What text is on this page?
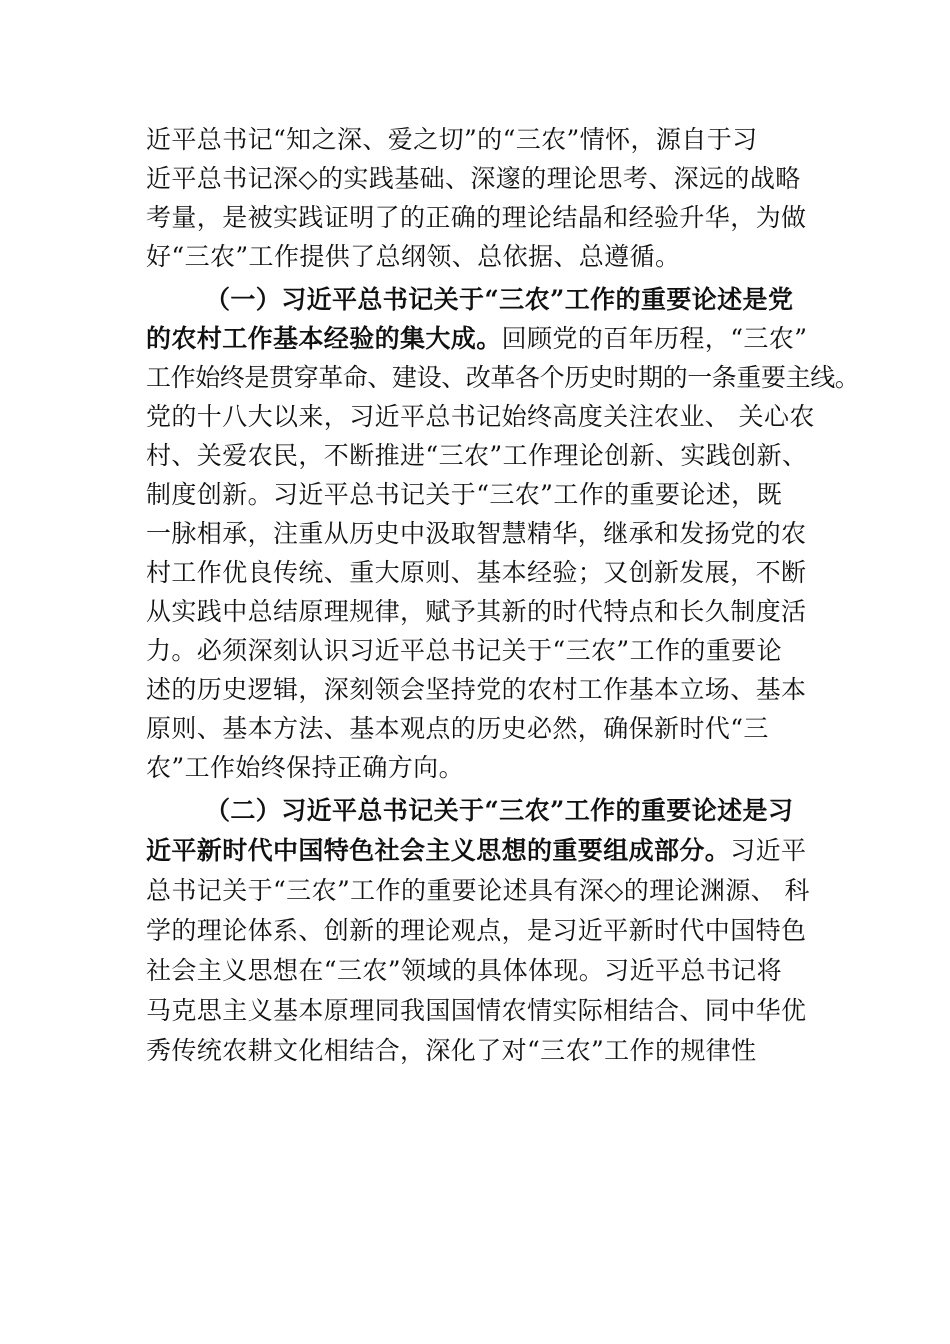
近平总书记“知之深、爱之切”的“三农”情怀，源自于习
近平总书记深◇的实践基础、深邃的理论思考、深远的战略
考量，是被实践证明了的正确的理论结晶和经验升华，为做
好“三农”工作提供了总纲领、总依据、总遵循。
（一）习近平总书记关于“三农”工作的重要论述是党
的农村工作基本经验的集大成。回顾党的百年历程，“三农”
工作始终是贯穿革命、建设、改革各个历史时期的一条重要主线。
党的十八大以来，习近平总书记始终高度关注农业、 关心农
村、关爱农民，不断推进“三农”工作理论创新、实践创新、
制度创新。习近平总书记关于“三农”工作的重要论述，既
一脉相承，注重从历史中汲取智慧精华，继承和发扬党的农
村工作优良传统、重大原则、基本经验；又创新发展，不断
从实践中总结原理规律，赋予其新的时代特点和长久制度活
力。必须深刻认识习近平总书记关于“三农”工作的重要论
述的历史逻辑，深刻领会坚持党的农村工作基本立场、基本
原则、基本方法、基本观点的历史必然，确保新时代“三
农”工作始终保持正确方向。
（二）习近平总书记关于“三农”工作的重要论述是习
近平新时代中国特色社会主义思想的重要组成部分。习近平
总书记关于“三农”工作的重要论述具有深◇的理论渊源、 科
学的理论体系、创新的理论观点，是习近平新时代中国特色
社会主义思想在“三农”领域的具体体现。习近平总书记将
马克思主义基本原理同我国国情农情实际相结合、同中华优
秀传统农耕文化相结合，深化了对“三农”工作的规律性
